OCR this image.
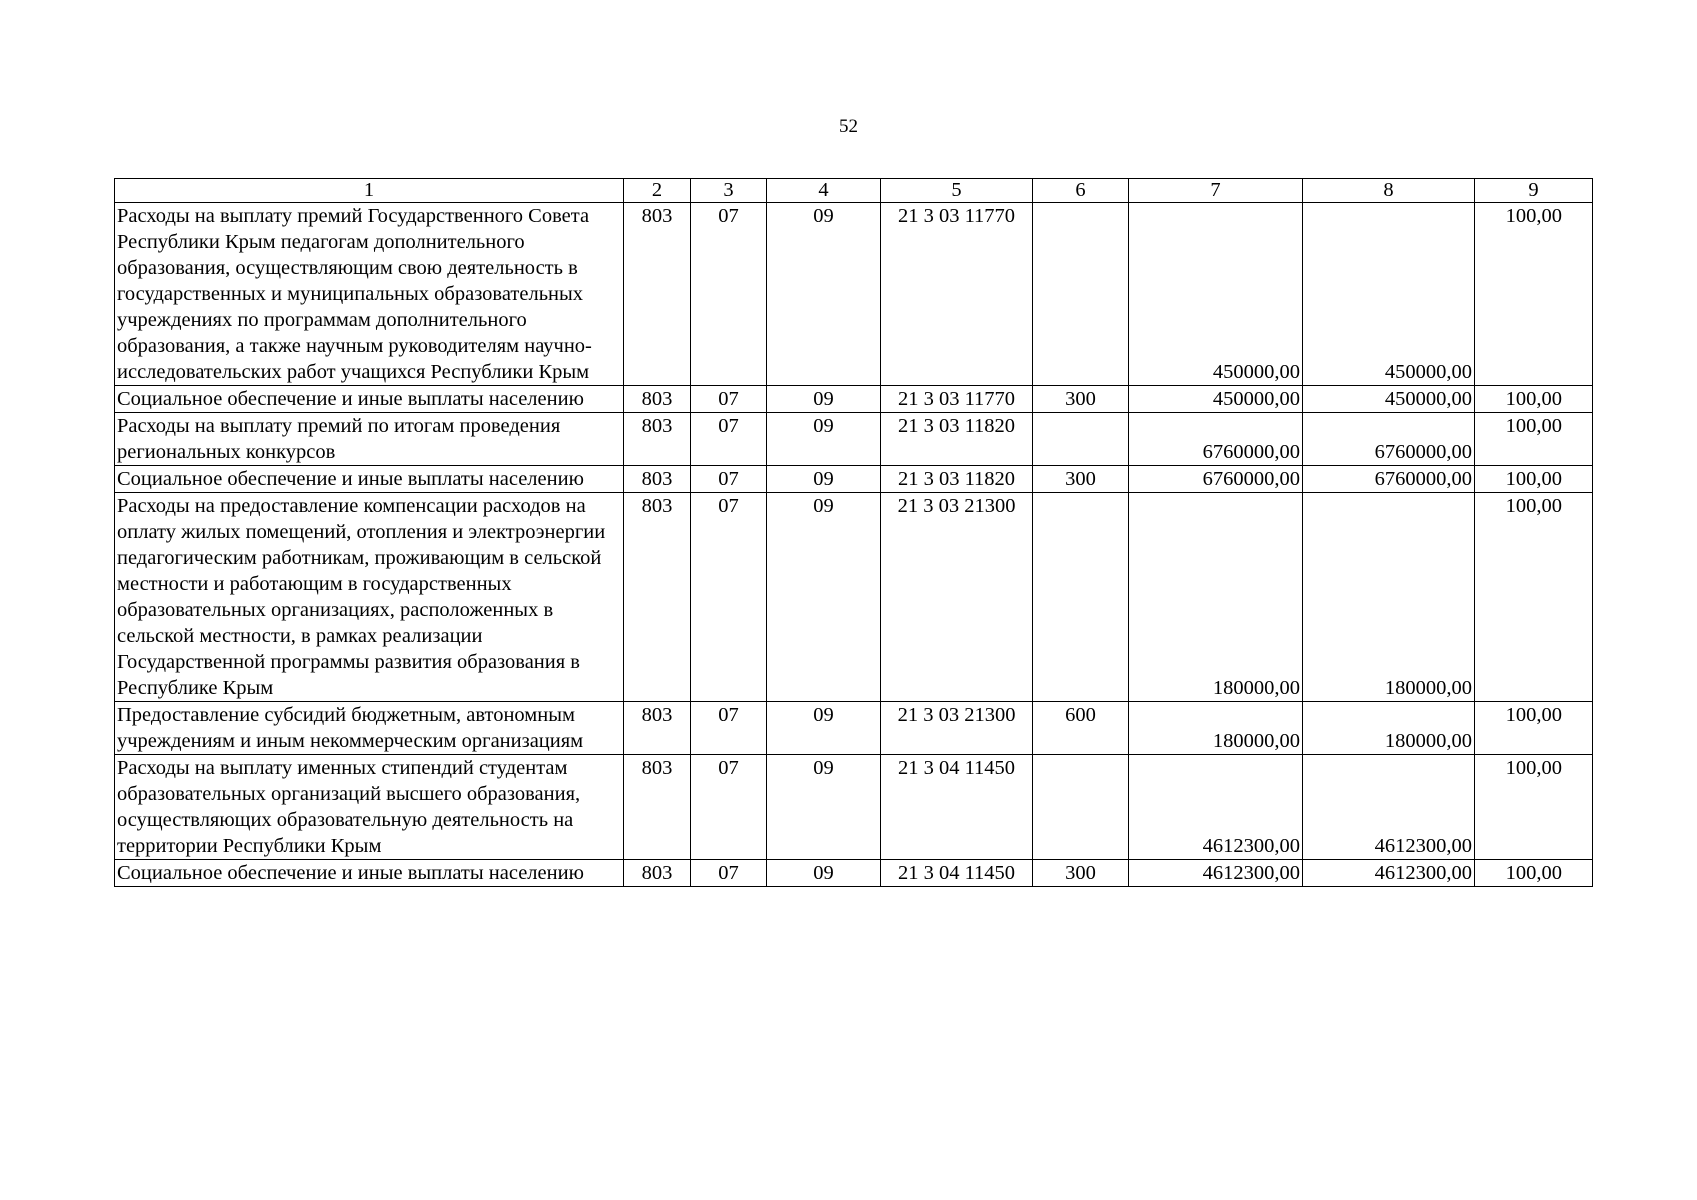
52
1	2	3	4	5	6	7	8	9
Расходы на выплату премий Государственного Совета Республики Крым педагогам дополнительного образования, осуществляющим свою деятельность в государственных и муниципальных образовательных учреждениях по программам дополнительного образования, а также научным руководителям научно-исследовательских работ учащихся Республики Крым	803	07	09	21 3 03 11770		450000,00	450000,00	100,00
Социальное обеспечение и иные выплаты населению	803	07	09	21 3 03 11770	300	450000,00	450000,00	100,00
Расходы на выплату премий по итогам проведения региональных конкурсов	803	07	09	21 3 03 11820		6760000,00	6760000,00	100,00
Социальное обеспечение и иные выплаты населению	803	07	09	21 3 03 11820	300	6760000,00	6760000,00	100,00
Расходы на предоставление компенсации расходов на оплату жилых помещений, отопления и электроэнергии педагогическим работникам, проживающим в сельской местности и работающим в государственных образовательных организациях, расположенных в сельской местности, в рамках реализации Государственной программы развития образования в Республике Крым	803	07	09	21 3 03 21300		180000,00	180000,00	100,00
Предоставление субсидий бюджетным, автономным учреждениям и иным некоммерческим организациям	803	07	09	21 3 03 21300	600	180000,00	180000,00	100,00
Расходы на выплату именных стипендий студентам образовательных организаций высшего образования, осуществляющих образовательную деятельность на территории Республики Крым	803	07	09	21 3 04 11450		4612300,00	4612300,00	100,00
Социальное обеспечение и иные выплаты населению	803	07	09	21 3 04 11450	300	4612300,00	4612300,00	100,00
